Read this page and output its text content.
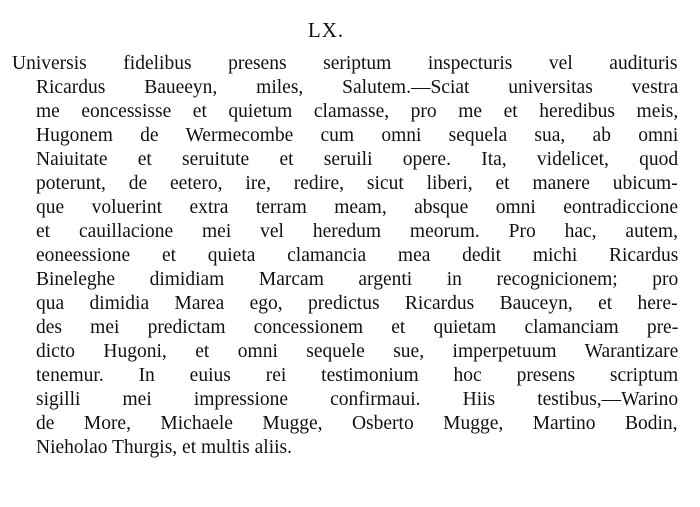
LX.
Universis fidelibus presens seriptum inspecturis vel audituris
Ricardus Baueeyn, miles, Salutem.—Sciat universitas vestra
me eoncessisse et quietum clamasse, pro me et heredibus meis,
Hugonem de Wermecombe cum omni sequela sua, ab omni
Naiuitate et seruitute et seruili opere. Ita, videlicet, quod
poterunt, de eetero, ire, redire, sicut liberi, et manere ubicum-
que voluerint extra terram meam, absque omni eontradiccione
et cauillacione mei vel heredum meorum. Pro hac, autem,
eoneessione et quieta clamancia mea dedit michi Ricardus
Bineleghe dimidiam Marcam argenti in recognicionem; pro
qua dimidia Marea ego, predictus Ricardus Bauceyn, et here-
des mei predictam concessionem et quietam clamanciam pre-
dicto Hugoni, et omni sequele sue, imperpetuum Warantizare
tenemur. In euius rei testimonium hoc presens scriptum
sigilli mei impressione confirmaui. Hiis testibus,—Warino
de More, Michaele Mugge, Osberto Mugge, Martino Bodin,
Nieholao Thurgis, et multis aliis.
